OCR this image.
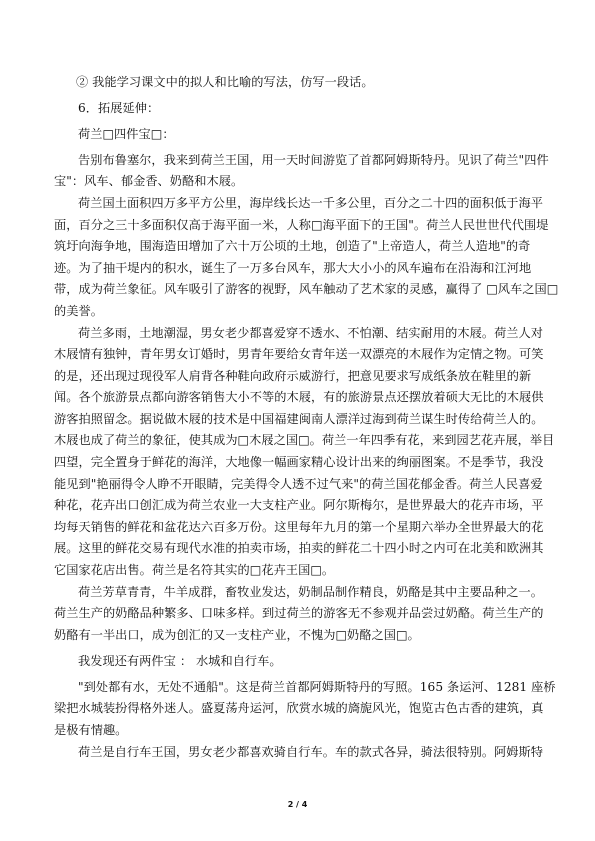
② 我能学习课文中的拟人和比喻的写法，仿写一段话。
6．拓展延伸：
荷兰□四件宝□：
告别布鲁塞尔，我来到荷兰王国，用一天时间游览了首都阿姆斯特丹。见识了荷兰"四件
宝"：风车、郁金香、奶酪和木屐。
荷兰国土面积四万多平方公里，海岸线长达一千多公里，百分之二十四的面积低于海平
面，百分之三十多面积仅高于海平面一米，人称□海平面下的王国"。荷兰人民世世代代围堤
筑圩向海争地，围海造田增加了六十万公顷的土地，创造了"上帝造人，荷兰人造地"的奇
迹。为了抽干堤内的积水，诞生了一万多台风车，那大大小小的风车遍布在沿海和江河地
带，成为荷兰象征。风车吸引了游客的视野，风车触动了艺术家的灵感，赢得了 □风车之国□
的美誉。
荷兰多雨，土地潮湿，男女老少都喜爱穿不透水、不怕潮、结实耐用的木屐。荷兰人对
木屐情有独钟，青年男女订婚时，男青年要给女青年送一双漂亮的木屐作为定情之物。可笑
的是，还出现过现役军人肩背各种鞋向政府示威游行，把意见要求写成纸条放在鞋里的新
闻。各个旅游景点都向游客销售大小不等的木屐，有的旅游景点还摆放着硕大无比的木屐供
游客拍照留念。据说做木屐的技术是中国福建闽南人漂洋过海到荷兰谋生时传给荷兰人的。
木屐也成了荷兰的象征，使其成为□木屐之国□。荷兰一年四季有花，来到园艺花卉展，举目
四望，完全置身于鲜花的海洋，大地像一幅画家精心设计出来的绚丽图案。不是季节，我没
能见到"艳丽得令人睁不开眼睛，完美得令人透不过气来"的荷兰国花郁金香。荷兰人民喜爱
种花，花卉出口创汇成为荷兰农业一大支柱产业。阿尔斯梅尔，是世界最大的花卉市场，平
均每天销售的鲜花和盆花达六百多万份。这里每年九月的第一个星期六举办全世界最大的花
展。这里的鲜花交易有现代水准的拍卖市场，拍卖的鲜花二十四小时之内可在北美和欧洲其
它国家花店出售。荷兰是名符其实的□花卉王国□。
荷兰芳草青青，牛羊成群，畜牧业发达，奶制品制作精良，奶酪是其中主要品种之一。
荷兰生产的奶酪品种繁多、口味多样。到过荷兰的游客无不参观并品尝过奶酪。荷兰生产的
奶酪有一半出口，成为创汇的又一支柱产业，不愧为□奶酪之国□。
我发现还有两件宝 ： 水城和自行车。
"到处都有水，无处不通船"。这是荷兰首都阿姆斯特丹的写照。165 条运河、1281 座桥
梁把水城装扮得格外迷人。盛夏荡舟运河，欣赏水城的旖旎风光，饱览古色古香的建筑，真
是极有情趣。
荷兰是自行车王国，男女老少都喜欢骑自行车。车的款式各异，骑法很特别。阿姆斯特
2 / 4
